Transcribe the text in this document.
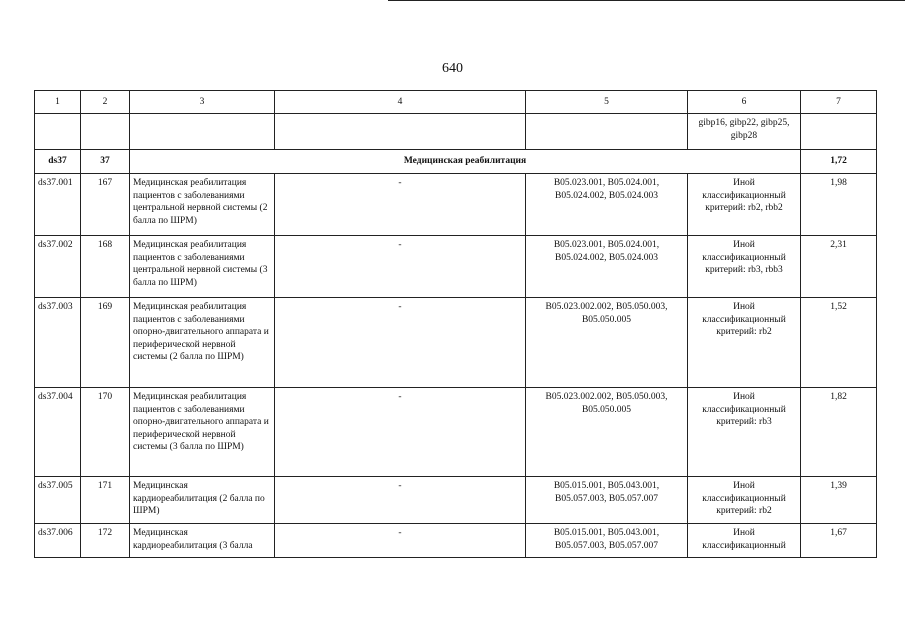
640
1	2	3	4	5	6	7
					gibp16, gibp22, gibp25, gibp28	
ds37	37	Медицинская реабилитация				1,72
ds37.001	167	Медицинская реабилитация пациентов с заболеваниями центральной нервной системы (2 балла по ШРМ)	-	B05.023.001, B05.024.001, B05.024.002, B05.024.003	Иной классификационный критерий: rb2, rbb2	1,98
ds37.002	168	Медицинская реабилитация пациентов с заболеваниями центральной нервной системы (3 балла по ШРМ)	-	B05.023.001, B05.024.001, B05.024.002, B05.024.003	Иной классификационный критерий: rb3, rbb3	2,31
ds37.003	169	Медицинская реабилитация пациентов с заболеваниями опорно-двигательного аппарата и периферической нервной системы (2 балла по ШРМ)	-	B05.023.002.002, B05.050.003, B05.050.005	Иной классификационный критерий: rb2	1,52
ds37.004	170	Медицинская реабилитация пациентов с заболеваниями опорно-двигательного аппарата и периферической нервной системы (3 балла по ШРМ)	-	B05.023.002.002, B05.050.003, B05.050.005	Иной классификационный критерий: rb3	1,82
ds37.005	171	Медицинская кардиореабилитация (2 балла по ШРМ)	-	B05.015.001, B05.043.001, B05.057.003, B05.057.007	Иной классификационный критерий: rb2	1,39
ds37.006	172	Медицинская кардиореабилитация (3 балла	-	B05.015.001, B05.043.001, B05.057.003, B05.057.007	Иной классификационный	1,67
